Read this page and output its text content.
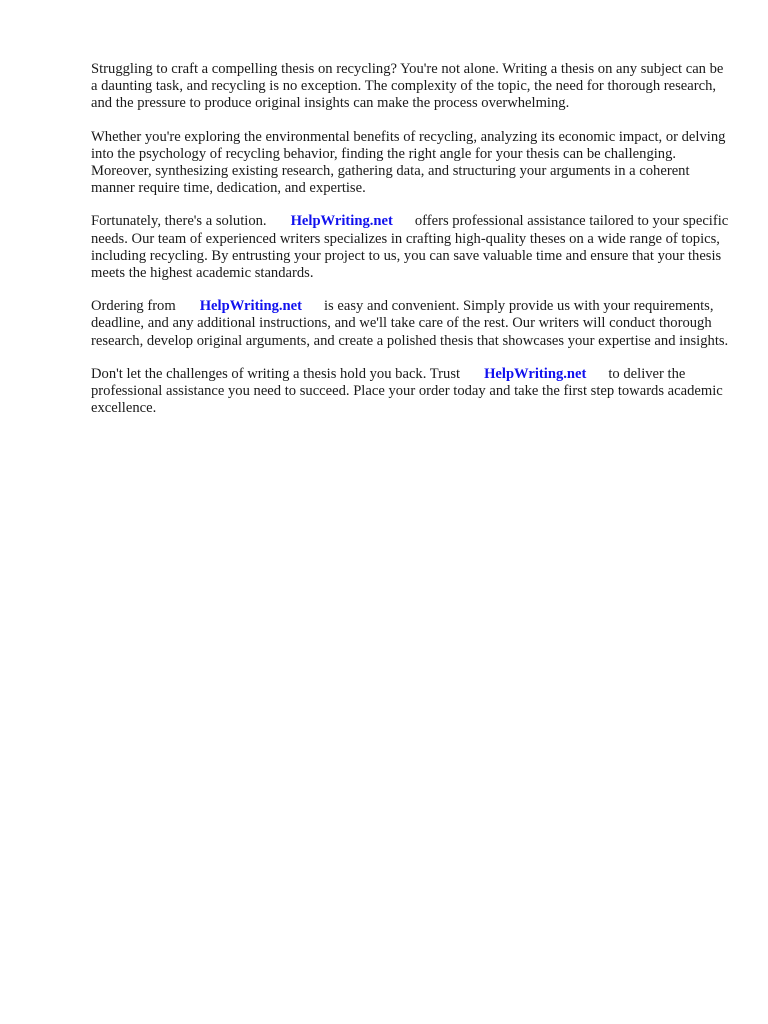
Struggling to craft a compelling thesis on recycling? You're not alone. Writing a thesis on any subject can be a daunting task, and recycling is no exception. The complexity of the topic, the need for thorough research, and the pressure to produce original insights can make the process overwhelming.

Whether you're exploring the environmental benefits of recycling, analyzing its economic impact, or delving into the psychology of recycling behavior, finding the right angle for your thesis can be challenging. Moreover, synthesizing existing research, gathering data, and structuring your arguments in a coherent manner require time, dedication, and expertise.

Fortunately, there's a solution. HelpWriting.net offers professional assistance tailored to your specific needs. Our team of experienced writers specializes in crafting high-quality theses on a wide range of topics, including recycling. By entrusting your project to us, you can save valuable time and ensure that your thesis meets the highest academic standards.

Ordering from HelpWriting.net is easy and convenient. Simply provide us with your requirements, deadline, and any additional instructions, and we'll take care of the rest. Our writers will conduct thorough research, develop original arguments, and create a polished thesis that showcases your expertise and insights.

Don't let the challenges of writing a thesis hold you back. Trust HelpWriting.net to deliver the professional assistance you need to succeed. Place your order today and take the first step towards academic excellence.
